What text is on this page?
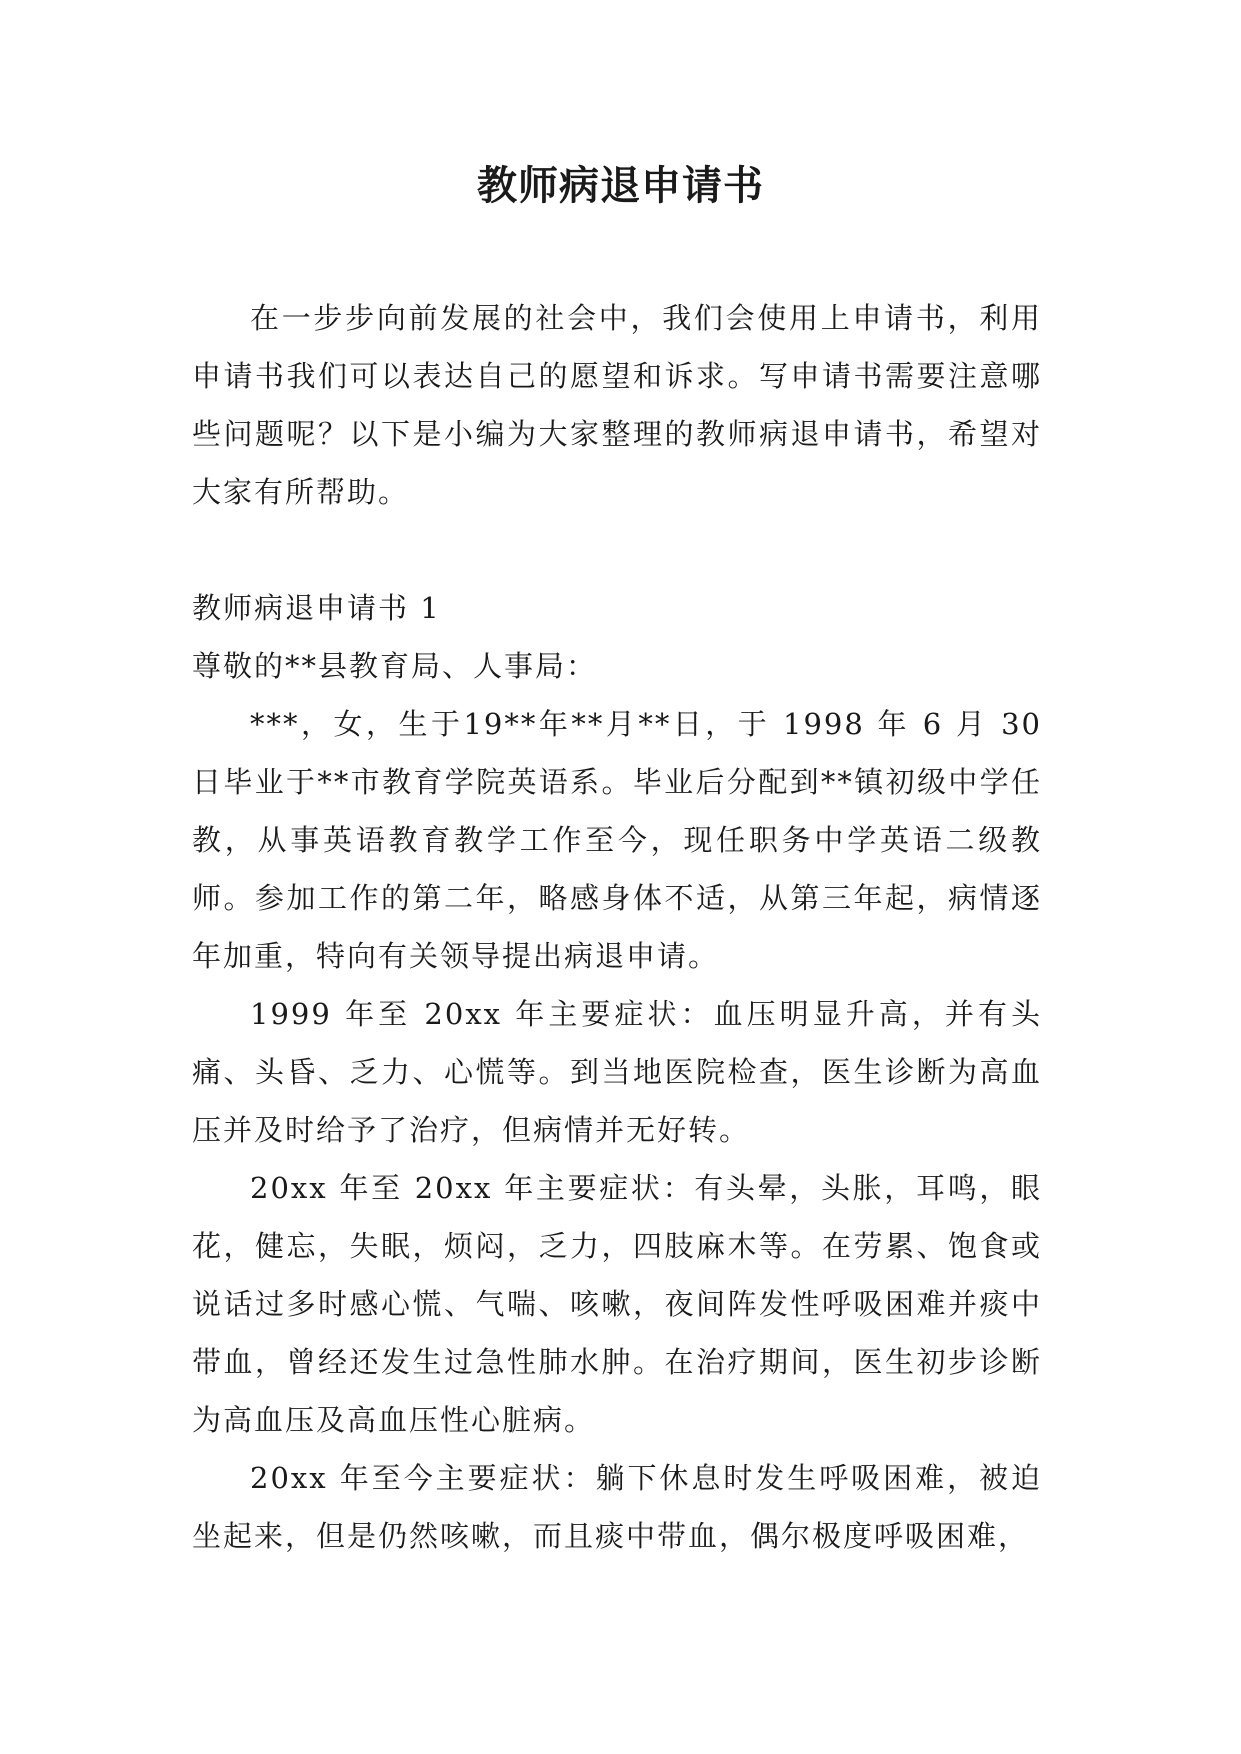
教师病退申请书

在一步步向前发展的社会中，我们会使用上申请书，利用申请书我们可以表达自己的愿望和诉求。写申请书需要注意哪些问题呢？以下是小编为大家整理的教师病退申请书，希望对大家有所帮助。

教师病退申请书 1

尊敬的**县教育局、人事局：

***，女，生于19**年**月**日，于 1998 年 6 月 30 日毕业于**市教育学院英语系。毕业后分配到**镇初级中学任教，从事英语教育教学工作至今，现任职务中学英语二级教师。参加工作的第二年，略感身体不适，从第三年起，病情逐年加重，特向有关领导提出病退申请。

1999 年至 20xx 年主要症状：血压明显升高，并有头痛、头昏、乏力、心慌等。到当地医院检查，医生诊断为高血压并及时给予了治疗，但病情并无好转。

20xx 年至 20xx 年主要症状：有头晕，头胀，耳鸣，眼花，健忘，失眠，烦闷，乏力，四肢麻木等。在劳累、饱食或说话过多时感心慌、气喘、咳嗽，夜间阵发性呼吸困难并痰中带血，曾经还发生过急性肺水肿。在治疗期间，医生初步诊断为高血压及高血压性心脏病。

20xx 年至今主要症状：躺下休息时发生呼吸困难，被迫坐起来，但是仍然咳嗽，而且痰中带血，偶尔极度呼吸困难，
